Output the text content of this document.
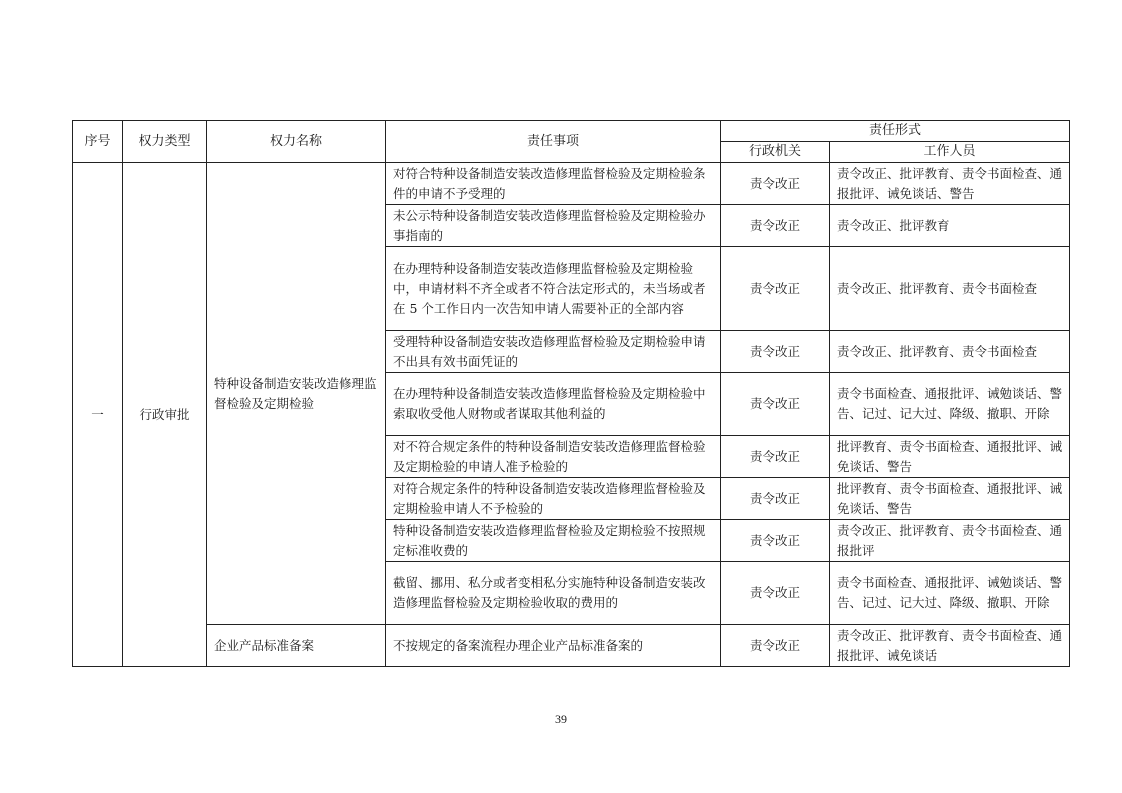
序号	权力类型	权力名称	责任事项	责任形式	
				行政机关	工作人员
一	行政审批	特种设备制造安装改造修理监督检验及定期检验	对符合特种设备制造安装改造修理监督检验及定期检验条件的申请不予受理的	责令改正	责令改正、批评教育、责令书面检查、通报批评、诫免谈话、警告
			未公示特种设备制造安装改造修理监督检验及定期检验办事指南的	责令改正	责令改正、批评教育
			在办理特种设备制造安装改造修理监督检验及定期检验中，申请材料不齐全或者不符合法定形式的，未当场或者在 5 个工作日内一次告知申请人需要补正的全部内容	责令改正	责令改正、批评教育、责令书面检查
			受理特种设备制造安装改造修理监督检验及定期检验申请不出具有效书面凭证的	责令改正	责令改正、批评教育、责令书面检查
			在办理特种设备制造安装改造修理监督检验及定期检验中索取收受他人财物或者谋取其他利益的	责令改正	责令书面检查、通报批评、诫勉谈话、警告、记过、记大过、降级、撤职、开除
			对不符合规定条件的特种设备制造安装改造修理监督检验及定期检验的申请人准予检验的	责令改正	批评教育、责令书面检查、通报批评、诫免谈话、警告
			对符合规定条件的特种设备制造安装改造修理监督检验及定期检验申请人不予检验的	责令改正	批评教育、责令书面检查、通报批评、诫免谈话、警告
			特种设备制造安装改造修理监督检验及定期检验不按照规定标准收费的	责令改正	责令改正、批评教育、责令书面检查、通报批评
			截留、挪用、私分或者变相私分实施特种设备制造安装改造修理监督检验及定期检验收取的费用的	责令改正	责令书面检查、通报批评、诫勉谈话、警告、记过、记大过、降级、撤职、开除
		企业产品标准备案	不按规定的备案流程办理企业产品标准备案的	责令改正	责令改正、批评教育、责令书面检查、通报批评、诫免谈话
39
